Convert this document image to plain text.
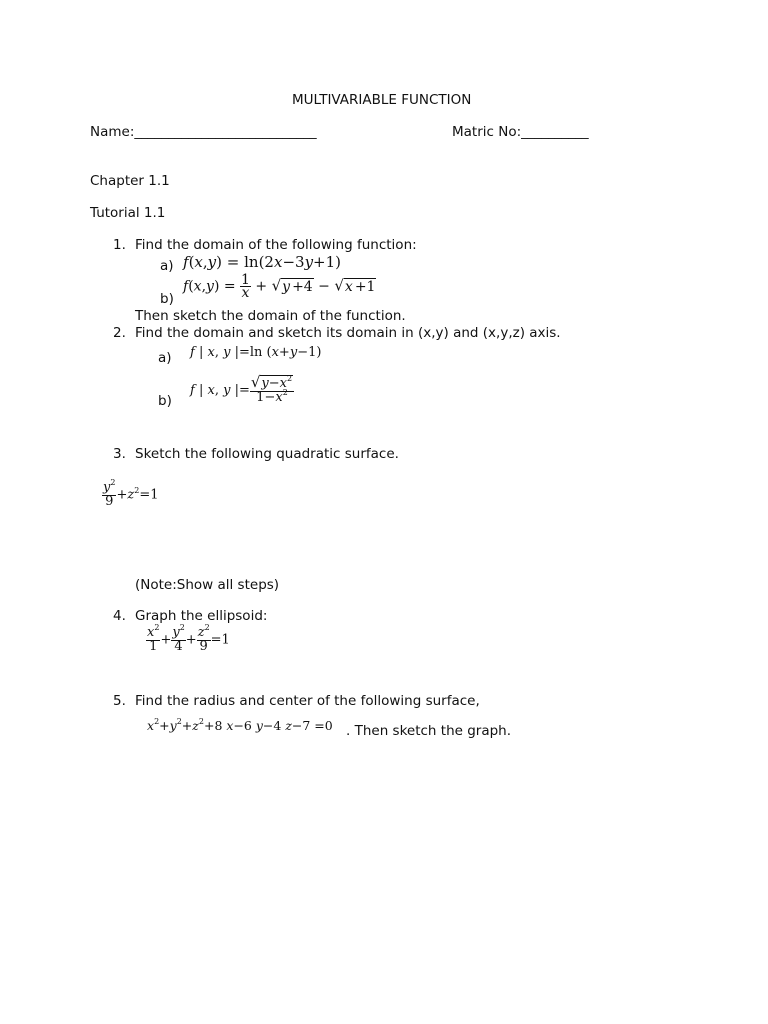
MULTIVARIABLE FUNCTION
Name:___________________________	Matric No:__________
Chapter 1.1
Tutorial 1.1
1. Find the domain of the following function:
a) f(x,y) = ln(2x−3y+1)
b)
$f(x,y) = \frac{1}{x} + √y +4 - √x +1$
Then sketch the domain of the function.
2. Find the domain and sketch its domain in (x,y) and (x,y,z) axis.
a) f | x, y |=ln (x+y−1)
b)
f | x, y |= $\frac{√y-x^2}{1-x^2}$
3. Sketch the following quadratic surface.
$\frac{y^2}{9} +z^2=1$
(Note:Show all steps)
4. Graph the ellipsoid:
$\frac{x^2}{1} + \frac{y^2}{4} + \frac{z^2}{9} =1$
5. Find the radius and center of the following surface,
$x^2+y^2+z^2+8$ x−6 y−4 z−7 =0 . Then sketch the graph.
